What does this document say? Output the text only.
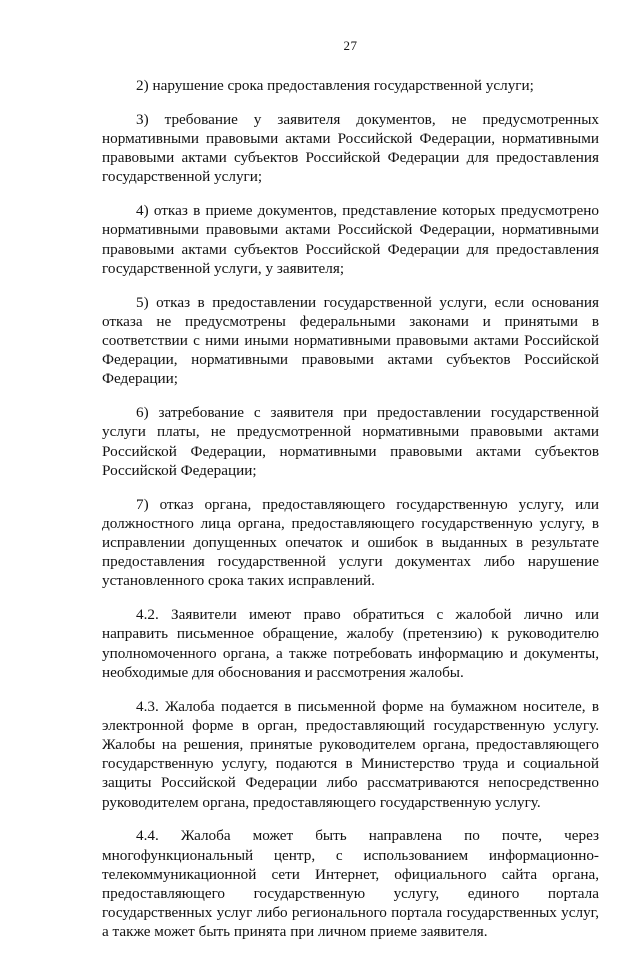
27

2) нарушение срока предоставления государственной услуги;

3) требование у заявителя документов, не предусмотренных нормативными правовыми актами Российской Федерации, нормативными правовыми актами субъектов Российской Федерации для предоставления государственной услуги;

4) отказ в приеме документов, представление которых предусмотрено нормативными правовыми актами Российской Федерации, нормативными правовыми актами субъектов Российской Федерации для предоставления государственной услуги, у заявителя;

5) отказ в предоставлении государственной услуги, если основания отказа не предусмотрены федеральными законами и принятыми в соответствии с ними иными нормативными правовыми актами Российской Федерации, нормативными правовыми актами субъектов Российской Федерации;

6) затребование с заявителя при предоставлении государственной услуги платы, не предусмотренной нормативными правовыми актами Российской Федерации, нормативными правовыми актами субъектов Российской Федерации;

7) отказ органа, предоставляющего государственную услугу, или должностного лица органа, предоставляющего государственную услугу, в исправлении допущенных опечаток и ошибок в выданных в результате предоставления государственной услуги документах либо нарушение установленного срока таких исправлений.

4.2. Заявители имеют право обратиться с жалобой лично или направить письменное обращение, жалобу (претензию) к руководителю уполномоченного органа, а также потребовать информацию и документы, необходимые для обоснования и рассмотрения жалобы.

4.3. Жалоба подается в письменной форме на бумажном носителе, в электронной форме в орган, предоставляющий государственную услугу. Жалобы на решения, принятые руководителем органа, предоставляющего государственную услугу, подаются в Министерство труда и социальной защиты Российской Федерации либо рассматриваются непосредственно руководителем органа, предоставляющего государственную услугу.

4.4. Жалоба может быть направлена по почте, через многофункциональный центр, с использованием информационно-телекоммуникационной сети Интернет, официального сайта органа, предоставляющего государственную услугу, единого портала государственных услуг либо регионального портала государственных услуг, а также может быть принята при личном приеме заявителя.
